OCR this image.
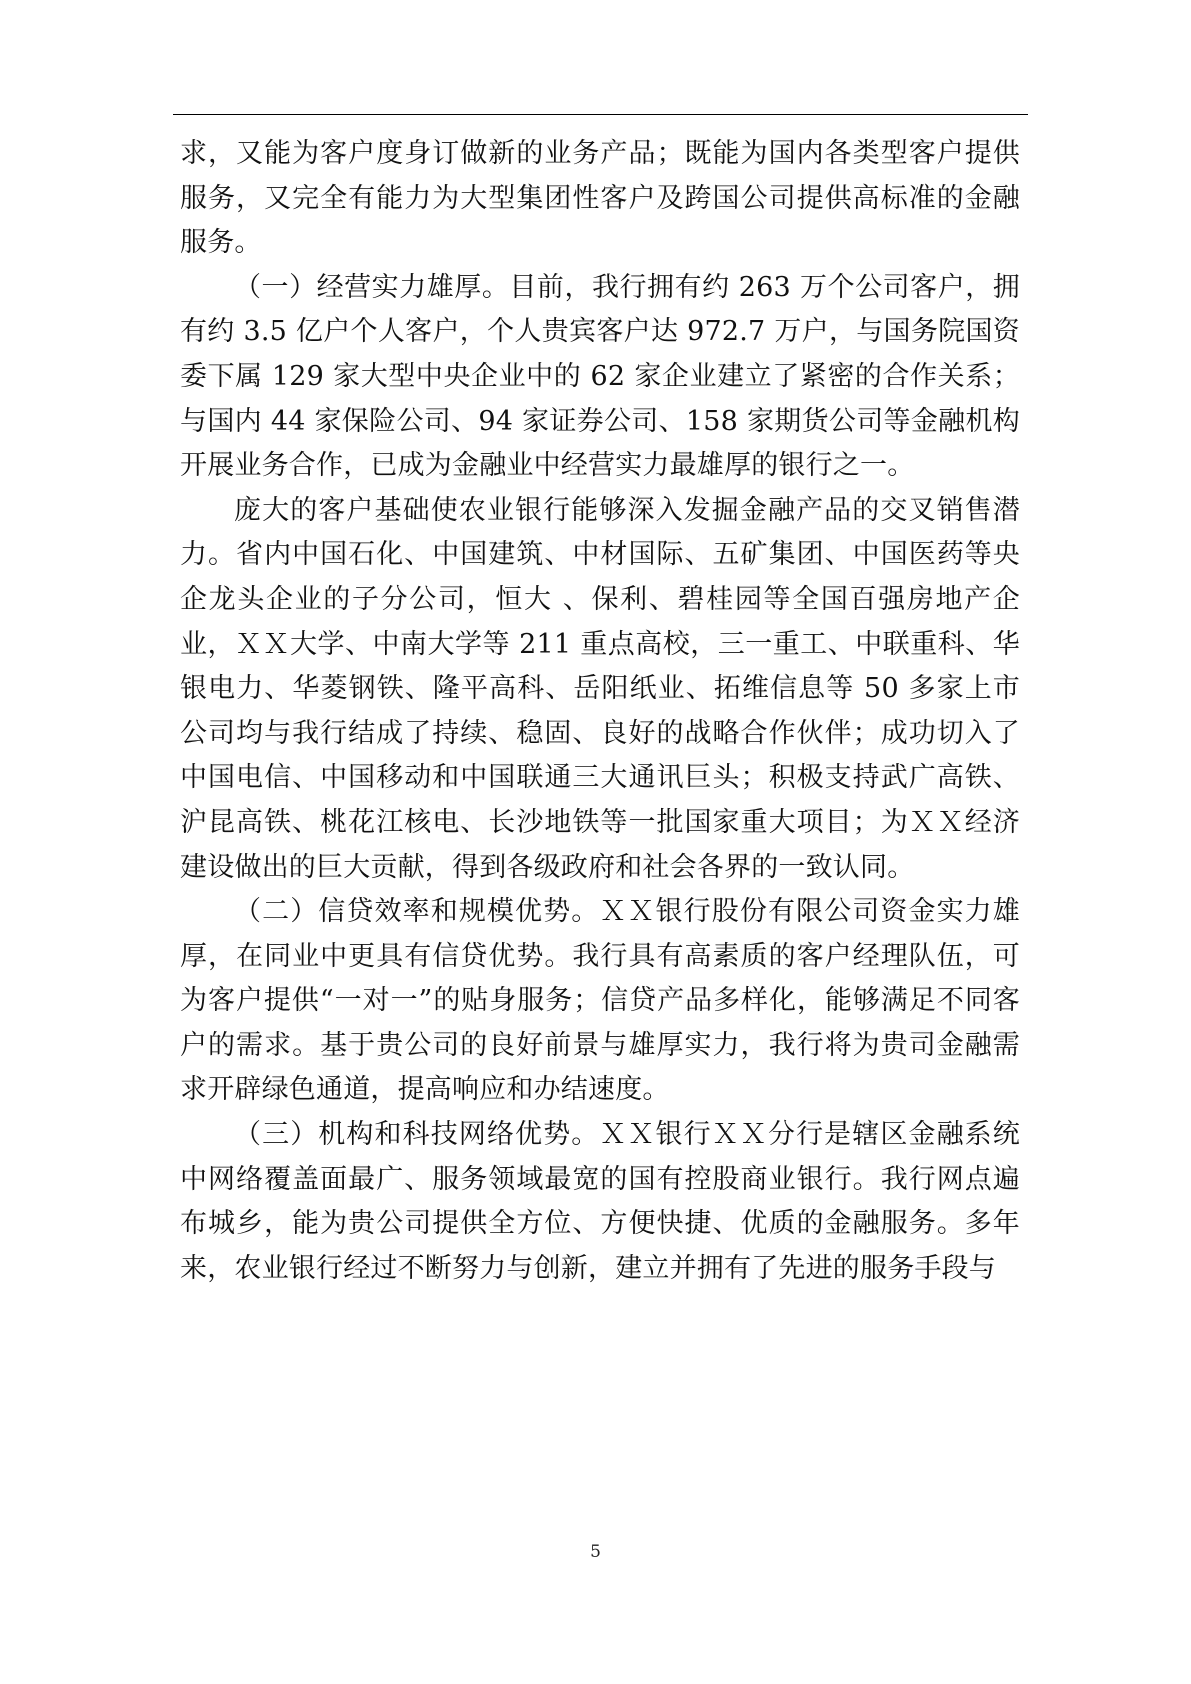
求，又能为客户度身订做新的业务产品；既能为国内各类型客户提供服务，又完全有能力为大型集团性客户及跨国公司提供高标准的金融服务。

（一）经营实力雄厚。目前，我行拥有约 263 万个公司客户，拥有约 3.5 亿户个人客户，个人贵宾客户达 972.7 万户，与国务院国资委下属 129 家大型中央企业中的 62 家企业建立了紧密的合作关系；与国内 44 家保险公司、94 家证券公司、158 家期货公司等金融机构开展业务合作，已成为金融业中经营实力最雄厚的银行之一。

庞大的客户基础使农业银行能够深入发掘金融产品的交叉销售潜力。省内中国石化、中国建筑、中材国际、五矿集团、中国医药等央企龙头企业的子分公司，恒大 、保利、碧桂园等全国百强房地产企业，ＸＸ大学、中南大学等 211 重点高校，三一重工、中联重科、华银电力、华菱钢铁、隆平高科、岳阳纸业、拓维信息等 50 多家上市公司均与我行结成了持续、稳固、良好的战略合作伙伴；成功切入了中国电信、中国移动和中国联通三大通讯巨头；积极支持武广高铁、沪昆高铁、桃花江核电、长沙地铁等一批国家重大项目；为ＸＸ经济建设做出的巨大贡献，得到各级政府和社会各界的一致认同。

（二）信贷效率和规模优势。ＸＸ银行股份有限公司资金实力雄厚，在同业中更具有信贷优势。我行具有高素质的客户经理队伍，可为客户提供“一对一”的贴身服务；信贷产品多样化，能够满足不同客户的需求。基于贵公司的良好前景与雄厚实力，我行将为贵司金融需求开辟绿色通道，提高响应和办结速度。

（三）机构和科技网络优势。ＸＸ银行ＸＸ分行是辖区金融系统中网络覆盖面最广、服务领域最宽的国有控股商业银行。我行网点遍布城乡，能为贵公司提供全方位、方便快捷、优质的金融服务。多年来，农业银行经过不断努力与创新，建立并拥有了先进的服务手段与

5
